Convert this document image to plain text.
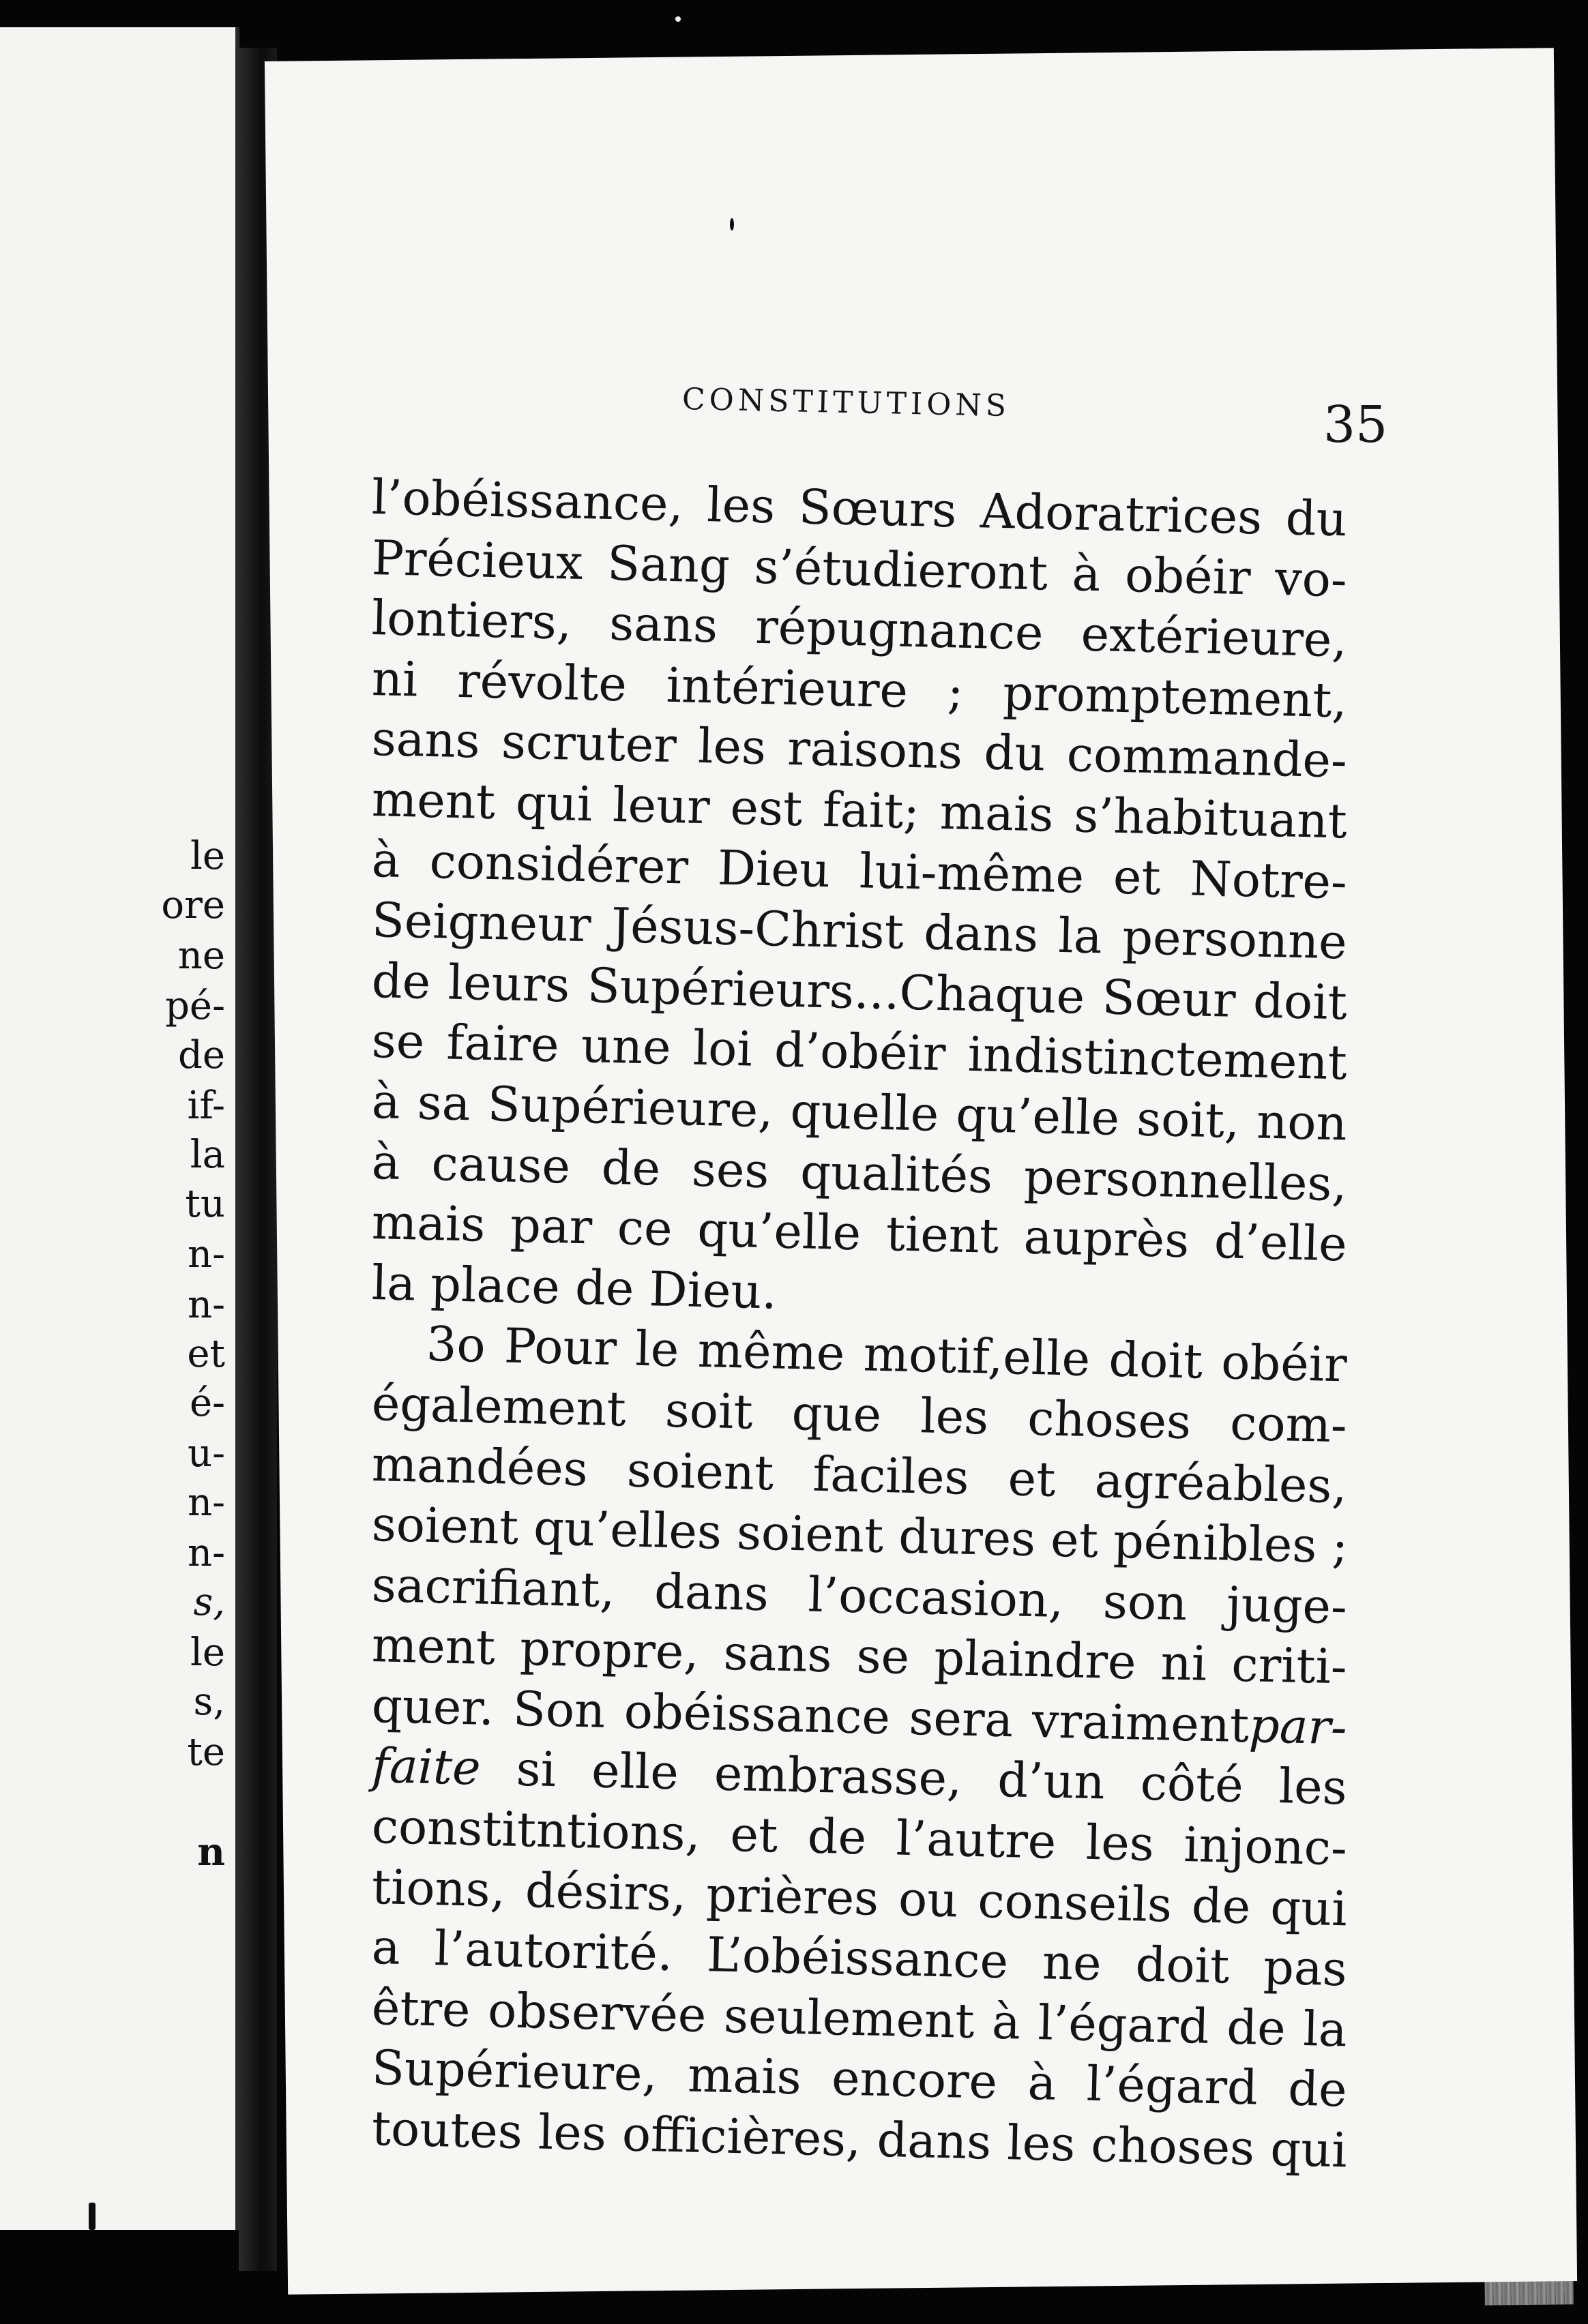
le
ore
ne
pé-
de
if-
la
tu
n-
n-
et
é-
u-
n-
n-
s,
le
s,
te
n
CONSTITUTIONS	35
l’obéissance, les Sœurs Adoratrices du
Précieux Sang s’étudieront à obéir vo-
lontiers, sans répugnance extérieure,
ni révolte intérieure ; promptement,
sans scruter les raisons du commande-
ment qui leur est fait; mais s’habituant
à considérer Dieu lui-même et Notre-
Seigneur Jésus-Christ dans la personne
de leurs Supérieurs...Chaque Sœur doit
se faire une loi d’obéir indistinctement
à sa Supérieure, quelle qu’elle soit, non
à cause de ses qualités personnelles,
mais par ce qu’elle tient auprès d’elle
la place de Dieu.
3o Pour le même motif,elle doit obéir
également soit que les choses com-
mandées soient faciles et agréables,
soient qu’elles soient dures et pénibles ;
sacrifiant, dans l’occasion, son juge-
ment propre, sans se plaindre ni criti-
quer. Son obéissance sera vraimentpar-
faite si elle embrasse, d’un côté les
constitntions, et de l’autre les injonc-
tions, désirs, prières ou conseils de qui
a l’autorité. L’obéissance ne doit pas
être observée seulement à l’égard de la
Supérieure, mais encore à l’égard de
toutes les officières, dans les choses qui
